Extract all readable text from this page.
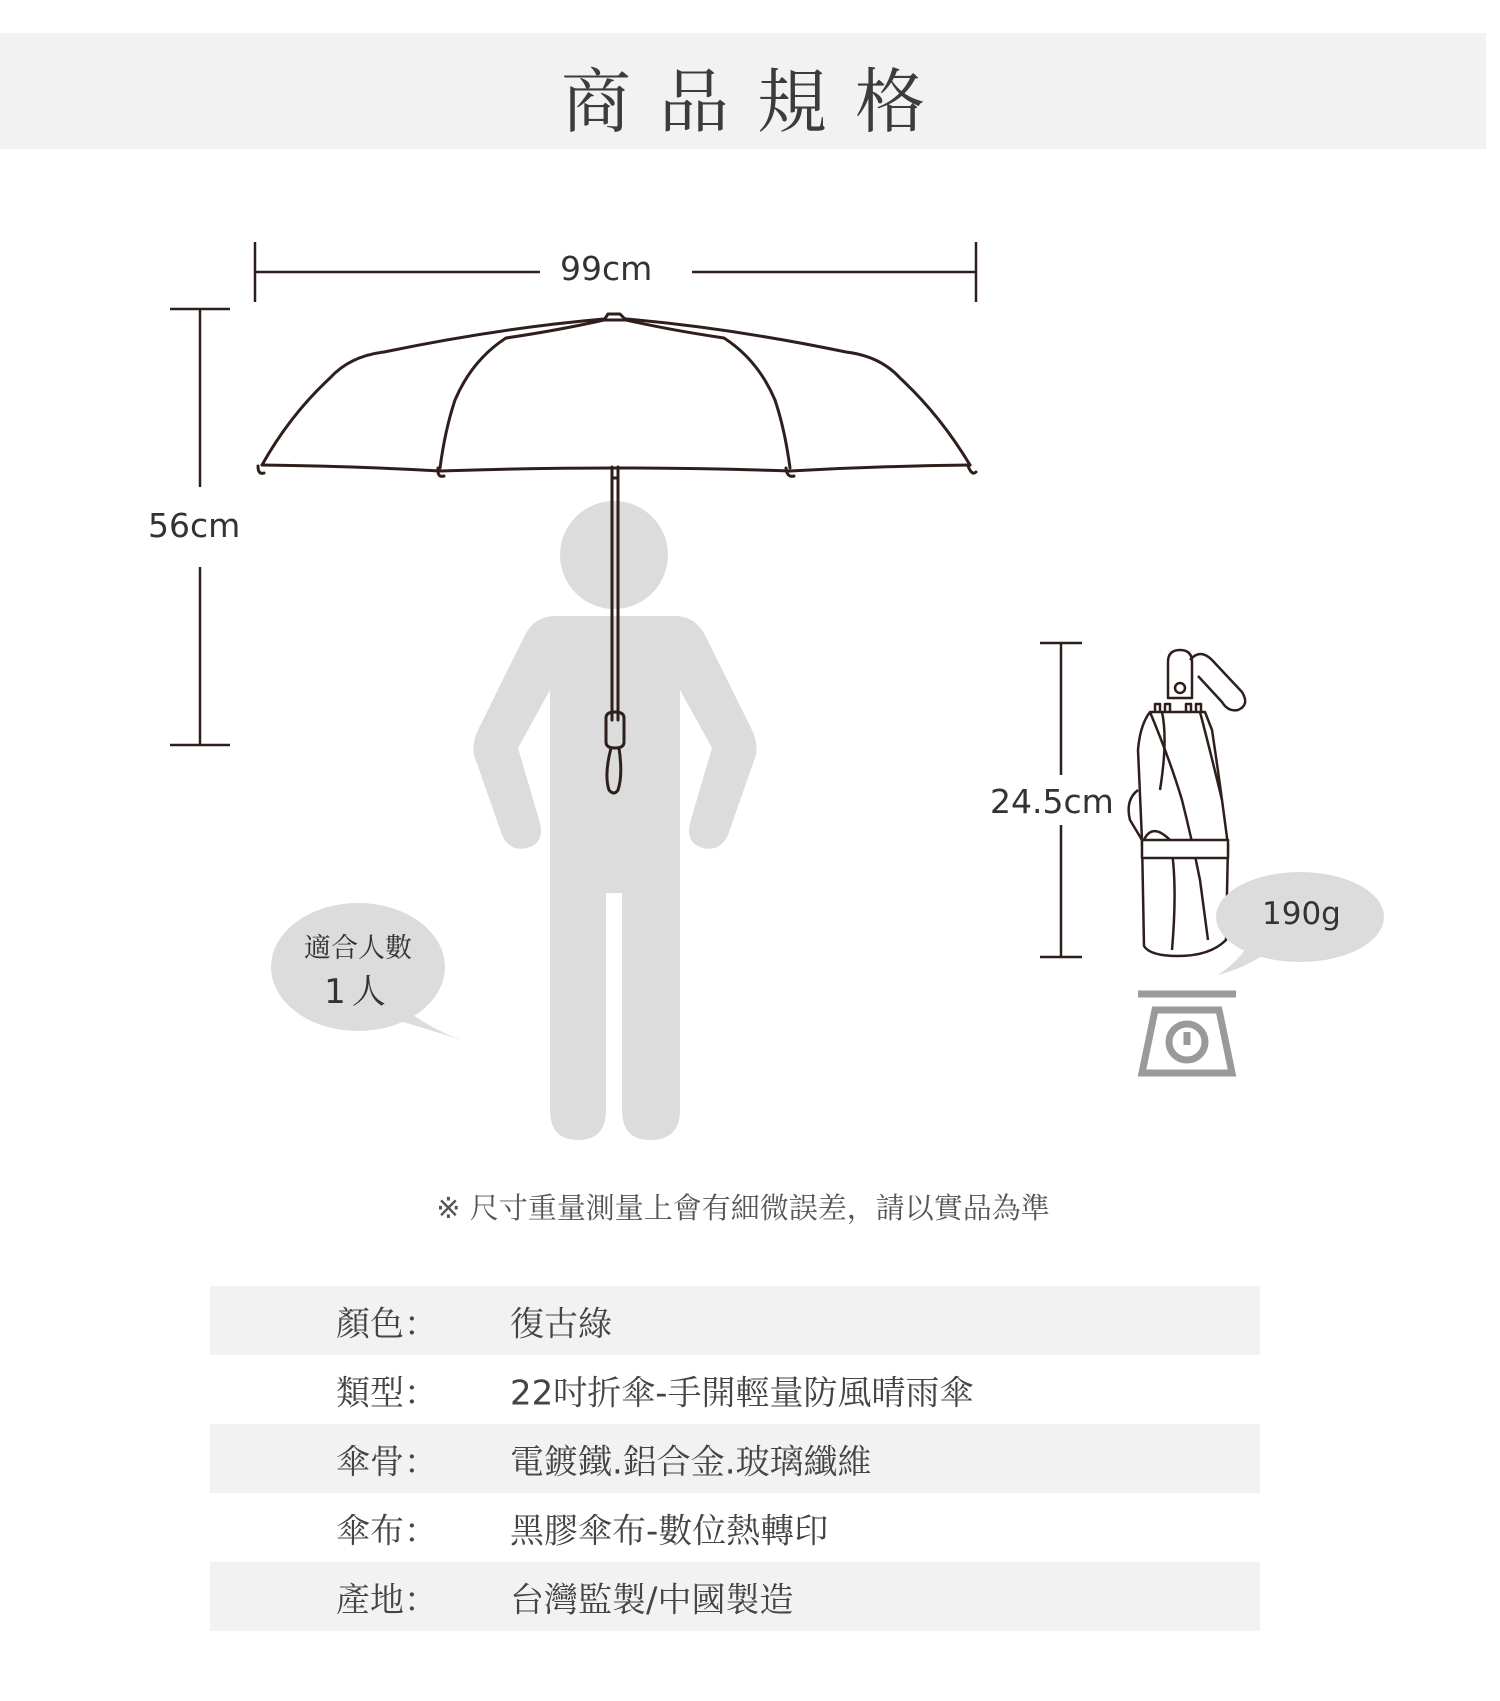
商品規格
99cm
56cm
24.5cm
190g
適合人數
1人
※ 尺寸重量測量上會有細微誤差，請以實品為準
顏色： 復古綠
類型： 22吋折傘-手開輕量防風晴雨傘
傘骨： 電鍍鐵.鋁合金.玻璃纖維
傘布： 黑膠傘布-數位熱轉印
產地： 台灣監製/中國製造
